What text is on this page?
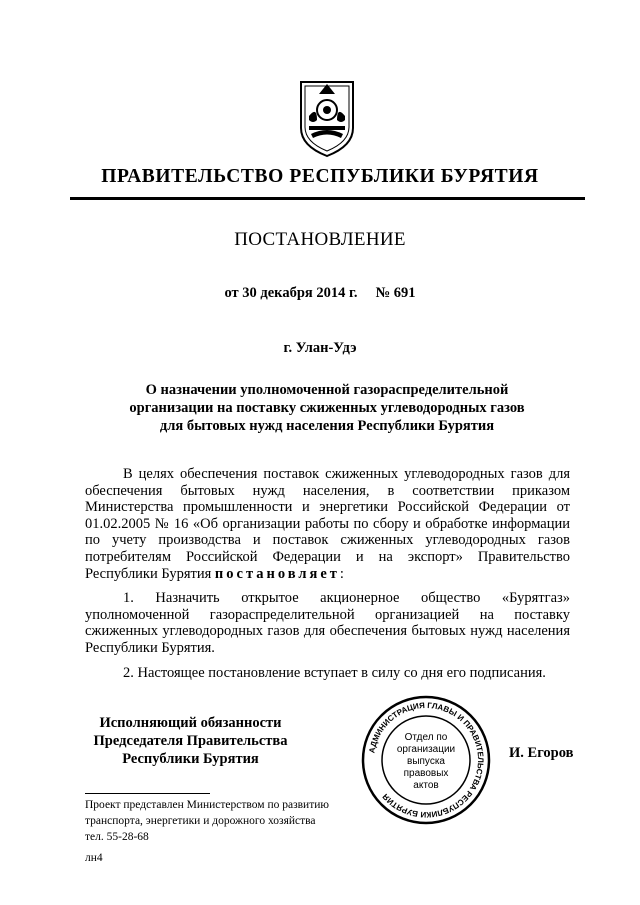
ПРАВИТЕЛЬСТВО РЕСПУБЛИКИ БУРЯТИЯ
ПОСТАНОВЛЕНИЕ
от 30 декабря 2014 г. № 691
г. Улан-Удэ
О назначении уполномоченной газораспределительной
организации на поставку сжиженных углеводородных газов
для бытовых нужд населения Республики Бурятия

В целях обеспечения поставок сжиженных углеводородных газов для обеспечения бытовых нужд населения, в соответствии приказом Министерства промышленности и энергетики Российской Федерации от 01.02.2005 № 16 «Об организации работы по сбору и обработке информации по учету производства и поставок сжиженных углеводородных газов потребителям Российской Федерации и на экспорт» Правительство Республики Бурятия постановляет:

1. Назначить открытое акционерное общество «Бурятгаз» уполномоченной газораспределительной организацией на поставку сжиженных углеводородных газов для обеспечения бытовых нужд населения Республики Бурятия.

2. Настоящее постановление вступает в силу со дня его подписания.

Исполняющий обязанности
Председателя Правительства
Республики Бурятия
АДМИНИСТРАЦИЯ ГЛАВЫ И ПРАВИТЕЛЬСТВА РЕСПУБЛИКИ БУРЯТИЯ
Отдел по
организации
выпуска
правовых
актов
И. Егоров
Проект представлен Министерством по развитию
транспорта, энергетики и дорожного хозяйства
тел. 55-28-68
лн4
